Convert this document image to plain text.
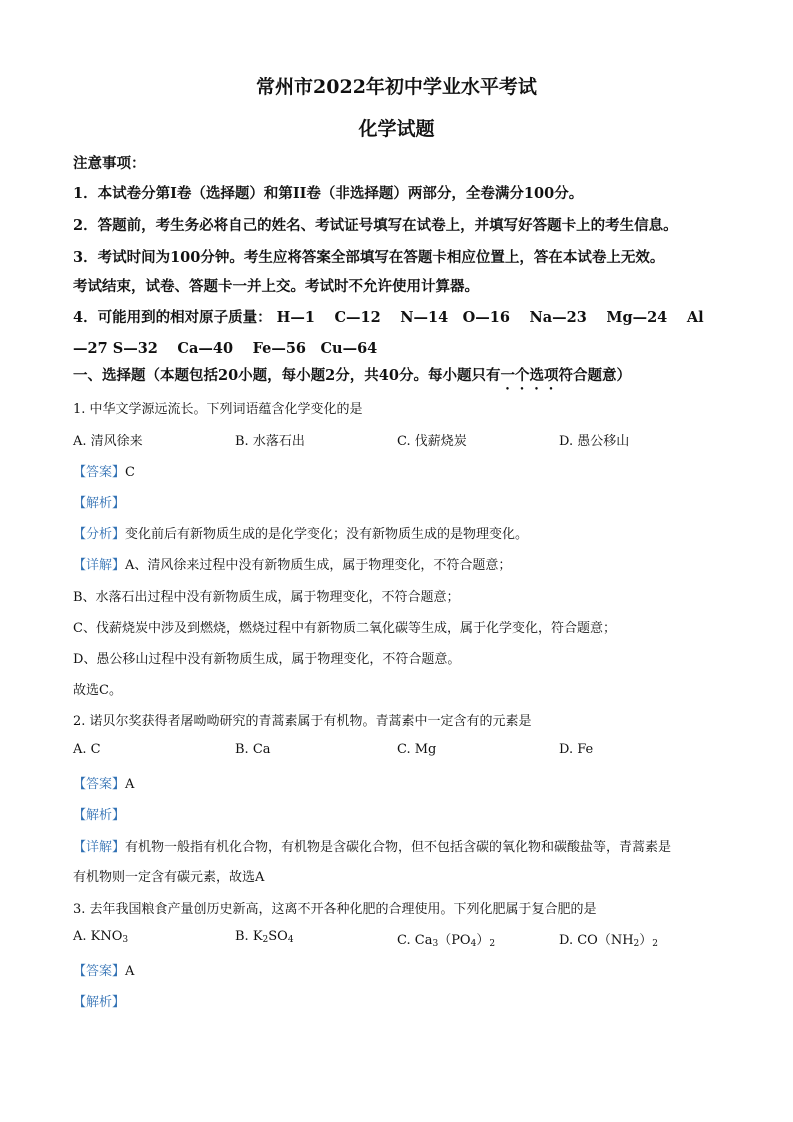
常州市2022年初中学业水平考试
化学试题
注意事项：
1．本试卷分第I卷（选择题）和第II卷（非选择题）两部分，全卷满分100分。
2．答题前，考生务必将自己的姓名、考试证号填写在试卷上，并填写好答题卡上的考生信息。
3．考试时间为100分钟。考生应将答案全部填写在答题卡相应位置上，答在本试卷上无效。
考试结束，试卷、答题卡一并上交。考试时不允许使用计算器。
4．可能用到的相对原子质量： H—1　 C—12　 N—14　O—16　 Na—23　 Mg—24　 Al
—27 S—32　 Ca—40　 Fe—56　Cu—64
一、选择题（本题包括20小题，每小题2分，共40分。每小题只有一个选项符合题意）
1. 中华文学源远流长。下列词语蕴含化学变化的是
A. 清风徐来	B. 水落石出	C. 伐薪烧炭	D. 愚公移山
【答案】C
【解析】
【分析】变化前后有新物质生成的是化学变化；没有新物质生成的是物理变化。
【详解】A、清风徐来过程中没有新物质生成，属于物理变化，不符合题意；
B、水落石出过程中没有新物质生成，属于物理变化，不符合题意；
C、伐薪烧炭中涉及到燃烧，燃烧过程中有新物质二氧化碳等生成，属于化学变化，符合题意；
D、愚公移山过程中没有新物质生成，属于物理变化，不符合题意。
故选C。
2. 诺贝尔奖获得者屠呦呦研究的青蒿素属于有机物。青蒿素中一定含有的元素是
A. C	B. Ca	C. Mg	D. Fe
【答案】A
【解析】
【详解】有机物一般指有机化合物，有机物是含碳化合物，但不包括含碳的氧化物和碳酸盐等，青蒿素是
有机物则一定含有碳元素，故选A
3. 去年我国粮食产量创历史新高，这离不开各种化肥的合理使用。下列化肥属于复合肥的是
A. $KNO_3$	B. $K_2SO_4$	C. $Ca_3(PO_4)_2$	D. $CO(NH_2)_2$
【答案】A
【解析】
